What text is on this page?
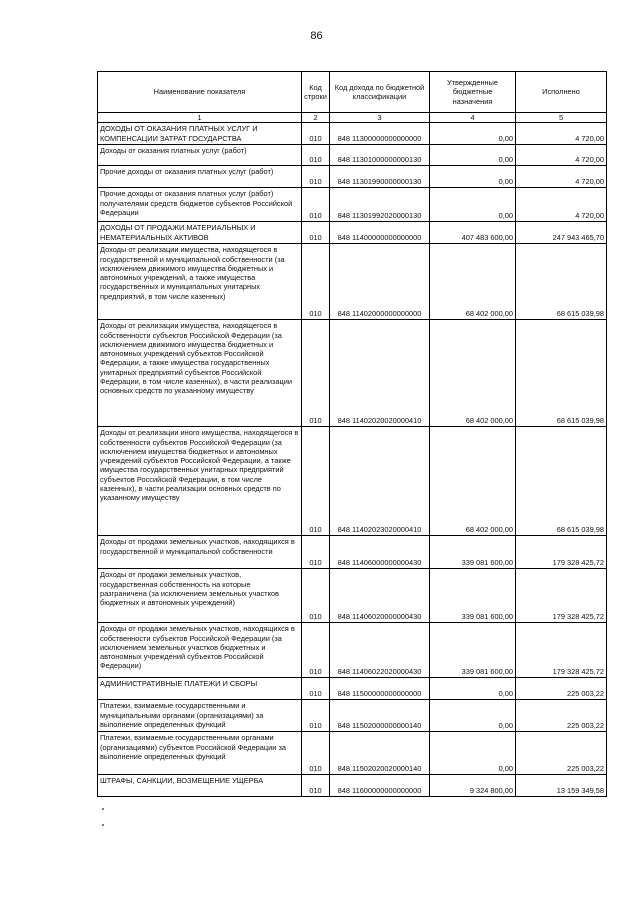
86
Наименование показателя	Код строки	Код дохода по бюджетной классификации	Утвержденные бюджетные назначения	Исполнено
1	2	3	4	5
ДОХОДЫ ОТ ОКАЗАНИЯ ПЛАТНЫХ УСЛУГ И КОМПЕНСАЦИИ ЗАТРАТ ГОСУДАРСТВА	010	848 11300000000000000	0,00	4 720,00
Доходы от оказания платных услуг (работ)	010	848 11301000000000130	0,00	4 720,00
Прочие доходы от оказания платных услуг (работ)	010	848 11301990000000130	0,00	4 720,00
Прочие доходы от оказания платных услуг (работ) получателями средств бюджетов субъектов Российской Федерации	010	848 11301992020000130	0,00	4 720,00
ДОХОДЫ ОТ ПРОДАЖИ МАТЕРИАЛЬНЫХ И НЕМАТЕРИАЛЬНЫХ АКТИВОВ	010	848 11400000000000000	407 483 600,00	247 943 465,70
Доходы от реализации имущества, находящегося в государственной и муниципальной собственности (за исключением движимого имущества бюджетных и автономных учреждений, а также имущества государственных и муниципальных унитарных предприятий, в том числе казенных)	010	848 11402000000000000	68 402 000,00	68 615 039,98
Доходы от реализации имущества, находящегося в собственности субъектов Российской Федерации (за исключением движимого имущества бюджетных и автономных учреждений субъектов Российской Федерации, а также имущества государственных унитарных предприятий субъектов Российской Федерации, в том числе казенных), в части реализации основных средств по указанному имуществу	010	848 11402020020000410	68 402 000,00	68 615 039,98
Доходы от реализации иного имущества, находящегося в собственности субъектов Российской Федерации (за исключением имущества бюджетных и автономных учреждений субъектов Российской Федерации, а также имущества государственных унитарных предприятий субъектов Российской Федерации, в том числе казенных), в части реализации основных средств по указанному имуществу	010	848 11402023020000410	68 402 000,00	68 615 039,98
Доходы от продажи земельных участков, находящихся в государственной и муниципальной собственности	010	848 11406000000000430	339 081 600,00	179 328 425,72
Доходы от продажи земельных участков, государственная собственность на которые разграничена (за исключением земельных участков бюджетных и автономных учреждений)	010	848 11406020000000430	339 081 600,00	179 328 425,72
Доходы от продажи земельных участков, находящихся в собственности субъектов Российской Федерации (за исключением земельных участков бюджетных и автономных учреждений субъектов Российской Федерации)	010	848 11406022020000430	339 081 600,00	179 328 425,72
АДМИНИСТРАТИВНЫЕ ПЛАТЕЖИ И СБОРЫ	010	848 11500000000000000	0,00	225 003,22
Платежи, взимаемые государственными и муниципальными органами (организациями) за выполнение определенных функций	010	848 11502000000000140	0,00	225 003,22
Платежи, взимаемые государственными органами (организациями) субъектов Российской Федерации за выполнение определенных функций	010	848 11502020020000140	0,00	225 003,22
ШТРАФЫ, САНКЦИИ, ВОЗМЕЩЕНИЕ УЩЕРБА	010	848 11600000000000000	9 324 800,00	13 159 349,58
